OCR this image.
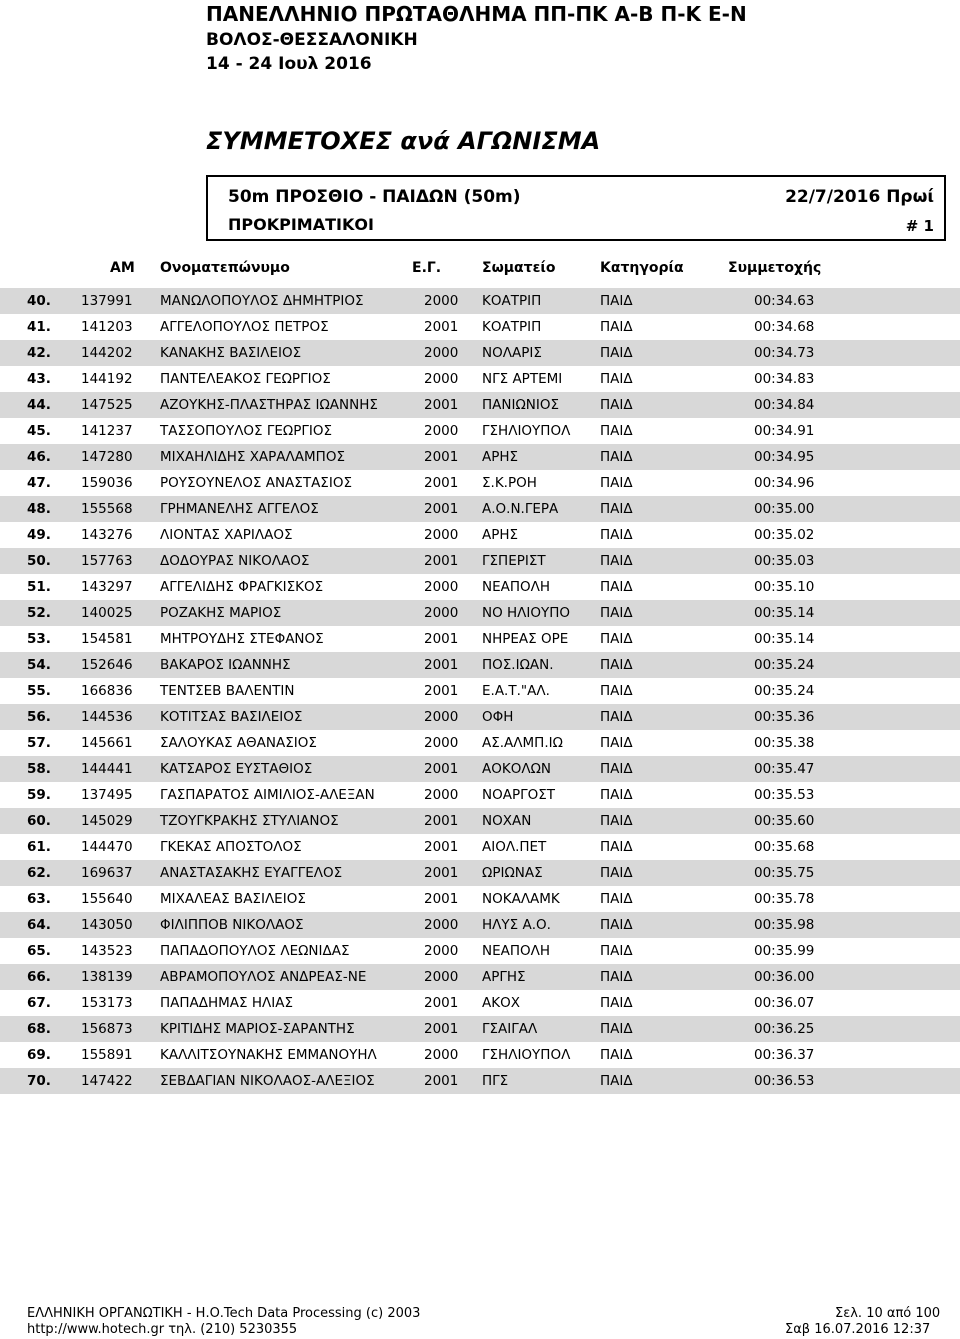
ΠΑΝΕΛΛΗΝΙΟ ΠΡΩΤΑΘΛΗΜΑ ΠΠ-ΠΚ Α-Β Π-Κ Ε-Ν
ΒΟΛΟΣ-ΘΕΣΣΑΛΟΝΙΚΗ
14 - 24 Ιουλ 2016
ΣΥΜΜΕΤΟΧΕΣ ανά ΑΓΩΝΙΣΜΑ
50m ΠΡΟΣΘΙΟ - ΠΑΙΔΩΝ (50m)	22/7/2016 Πρωί
ΠΡΟΚΡΙΜΑΤΙΚΟΙ	# 1
ΑΜ Ονοματεπώνυμο	Ε.Γ.	Σωματείο	Κατηγορία	Συμμετοχής
40. 137991 ΜΑΝΩΛΟΠΟΥΛΟΣ ΔΗΜΗΤΡΙΟΣ	2000 ΚΟΑΤΡΙΠ	ΠΑΙΔ	00:34.63
41. 141203 ΑΓΓΕΛΟΠΟΥΛΟΣ ΠΕΤΡΟΣ	2001 ΚΟΑΤΡΙΠ	ΠΑΙΔ	00:34.68
42. 144202 ΚΑΝΑΚΗΣ ΒΑΣΙΛΕΙΟΣ	2000 ΝΟΛΑΡΙΣ	ΠΑΙΔ	00:34.73
43. 144192 ΠΑΝΤΕΛΕΑΚΟΣ ΓΕΩΡΓΙΟΣ	2000 ΝΓΣ ΑΡΤΕΜΙ	ΠΑΙΔ	00:34.83
44. 147525 ΑΖΟΥΚΗΣ-ΠΛΑΣΤΗΡΑΣ ΙΩΑΝΝΗΣ	2001 ΠΑΝΙΩΝΙΟΣ	ΠΑΙΔ	00:34.84
45. 141237 ΤΑΣΣΟΠΟΥΛΟΣ ΓΕΩΡΓΙΟΣ	2000 ΓΣΗΛΙΟΥΠΟΛ ΠΑΙΔ	00:34.91
46. 147280 ΜΙΧΑΗΛΙΔΗΣ ΧΑΡΑΛΑΜΠΟΣ	2001 ΑΡΗΣ	ΠΑΙΔ	00:34.95
47. 159036 ΡΟΥΣΟΥΝΕΛΟΣ ΑΝΑΣΤΑΣΙΟΣ	2001 Σ.Κ.ΡΟΗ	ΠΑΙΔ	00:34.96
48. 155568 ΓΡΗΜΑΝΕΛΗΣ ΑΓΓΕΛΟΣ	2001 Α.Ο.Ν.ΓΕΡΑ	ΠΑΙΔ	00:35.00
49. 143276 ΛΙΟΝΤΑΣ ΧΑΡΙΛΑΟΣ	2000 ΑΡΗΣ	ΠΑΙΔ	00:35.02
50. 157763 ΔΟΔΟΥΡΑΣ ΝΙΚΟΛΑΟΣ	2001 ΓΣΠΕΡΙΣΤ	ΠΑΙΔ	00:35.03
51. 143297 ΑΓΓΕΛΙΔΗΣ ΦΡΑΓΚΙΣΚΟΣ	2000 ΝΕΑΠΟΛΗ	ΠΑΙΔ	00:35.10
52. 140025 ΡΟΖΑΚΗΣ ΜΑΡΙΟΣ	2000 ΝΟ ΗΛΙΟΥΠΟ ΠΑΙΔ	00:35.14
53. 154581 ΜΗΤΡΟΥΔΗΣ ΣΤΕΦΑΝΟΣ	2001 ΝΗΡΕΑΣ ΟΡΕ ΠΑΙΔ	00:35.14
54. 152646 ΒΑΚΑΡΟΣ ΙΩΑΝΝΗΣ	2001 ΠΟΣ.ΙΩΑΝ.	ΠΑΙΔ	00:35.24
55. 166836 ΤΕΝΤΣΕΒ ΒΑΛΕΝΤΙΝ	2001 Ε.Α.Τ."ΑΛ.	ΠΑΙΔ	00:35.24
56. 144536 ΚΟΤΙΤΣΑΣ ΒΑΣΙΛΕΙΟΣ	2000 ΟΦΗ	ΠΑΙΔ	00:35.36
57. 145661 ΣΑΛΟΥΚΑΣ ΑΘΑΝΑΣΙΟΣ	2000 ΑΣ.ΑΛΜΠ.ΙΩ	ΠΑΙΔ	00:35.38
58. 144441 ΚΑΤΣΑΡΟΣ ΕΥΣΤΑΘΙΟΣ	2001 ΑΟΚΟΛΩΝ	ΠΑΙΔ	00:35.47
59. 137495 ΓΑΣΠΑΡΑΤΟΣ ΑΙΜΙΛΙΟΣ-ΑΛΕΞΑΝ	2000 ΝΟΑΡΓΟΣΤ	ΠΑΙΔ	00:35.53
60. 145029 ΤΖΟΥΓΚΡΑΚΗΣ ΣΤΥΛΙΑΝΟΣ	2001 ΝΟΧΑΝ	ΠΑΙΔ	00:35.60
61. 144470 ΓΚΕΚΑΣ ΑΠΟΣΤΟΛΟΣ	2001 ΑΙΟΛ.ΠΕΤ	ΠΑΙΔ	00:35.68
62. 169637 ΑΝΑΣΤΑΣΑΚΗΣ ΕΥΑΓΓΕΛΟΣ	2001 ΩΡΙΩΝΑΣ	ΠΑΙΔ	00:35.75
63. 155640 ΜΙΧΑΛΕΑΣ ΒΑΣΙΛΕΙΟΣ	2001 ΝΟΚΑΛΑΜΚ	ΠΑΙΔ	00:35.78
64. 143050 ΦΙΛΙΠΠΟΒ ΝΙΚΟΛΑΟΣ	2000 ΗΛΥΣ Α.Ο.	ΠΑΙΔ	00:35.98
65. 143523 ΠΑΠΑΔΟΠΟΥΛΟΣ ΛΕΩΝΙΔΑΣ	2000 ΝΕΑΠΟΛΗ	ΠΑΙΔ	00:35.99
66. 138139 ΑΒΡΑΜΟΠΟΥΛΟΣ ΑΝΔΡΕΑΣ-ΝΕ	2000 ΑΡΓΗΣ	ΠΑΙΔ	00:36.00
67. 153173 ΠΑΠΑΔΗΜΑΣ ΗΛΙΑΣ	2001 ΑΚΟΧ	ΠΑΙΔ	00:36.07
68. 156873 ΚΡΙΤΙΔΗΣ ΜΑΡΙΟΣ-ΣΑΡΑΝΤΗΣ	2001 ΓΣΑΙΓΑΛ	ΠΑΙΔ	00:36.25
69. 155891 ΚΑΛΛΙΤΣΟΥΝΑΚΗΣ ΕΜΜΑΝΟΥΗΛ	2000 ΓΣΗΛΙΟΥΠΟΛ ΠΑΙΔ	00:36.37
70. 147422 ΣΕΒΔΑΓΙΑΝ ΝΙΚΟΛΑΟΣ-ΑΛΕΞΙΟΣ	2001 ΠΓΣ	ΠΑΙΔ	00:36.53
ΕΛΛΗΝΙΚΗ ΟΡΓΑΝΩΤΙΚΗ - Η.Ο.Tech Data Processing (c) 2003
http://www.hotech.gr τηλ. (210) 5230355
Σελ. 10 από 100
Σαβ 16.07.2016 12:37
